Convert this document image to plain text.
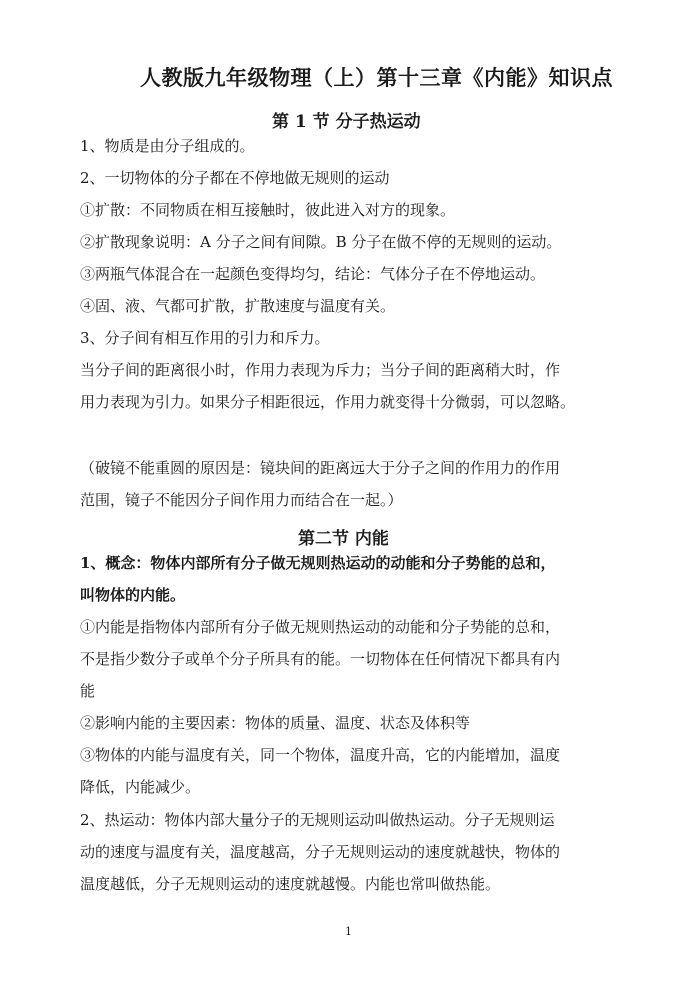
人教版九年级物理（上）第十三章《内能》知识点
第 1 节 分子热运动
1、物质是由分子组成的。
2、一切物体的分子都在不停地做无规则的运动
①扩散：不同物质在相互接触时，彼此进入对方的现象。
②扩散现象说明：A 分子之间有间隙。B 分子在做不停的无规则的运动。
③两瓶气体混合在一起颜色变得均匀，结论：气体分子在不停地运动。
④固、液、气都可扩散，扩散速度与温度有关。
3、分子间有相互作用的引力和斥力。
当分子间的距离很小时，作用力表现为斥力；当分子间的距离稍大时，作
用力表现为引力。如果分子相距很远，作用力就变得十分微弱，可以忽略。
（破镜不能重圆的原因是：镜块间的距离远大于分子之间的作用力的作用
范围，镜子不能因分子间作用力而结合在一起。）
第二节 内能
1、概念：物体内部所有分子做无规则热运动的动能和分子势能的总和，
叫物体的内能。
①内能是指物体内部所有分子做无规则热运动的动能和分子势能的总和，
不是指少数分子或单个分子所具有的能。一切物体在任何情况下都具有内
能
②影响内能的主要因素：物体的质量、温度、状态及体积等
③物体的内能与温度有关，同一个物体，温度升高，它的内能增加，温度
降低，内能减少。
2、热运动：物体内部大量分子的无规则运动叫做热运动。分子无规则运
动的速度与温度有关，温度越高，分子无规则运动的速度就越快，物体的
温度越低，分子无规则运动的速度就越慢。内能也常叫做热能。
1
